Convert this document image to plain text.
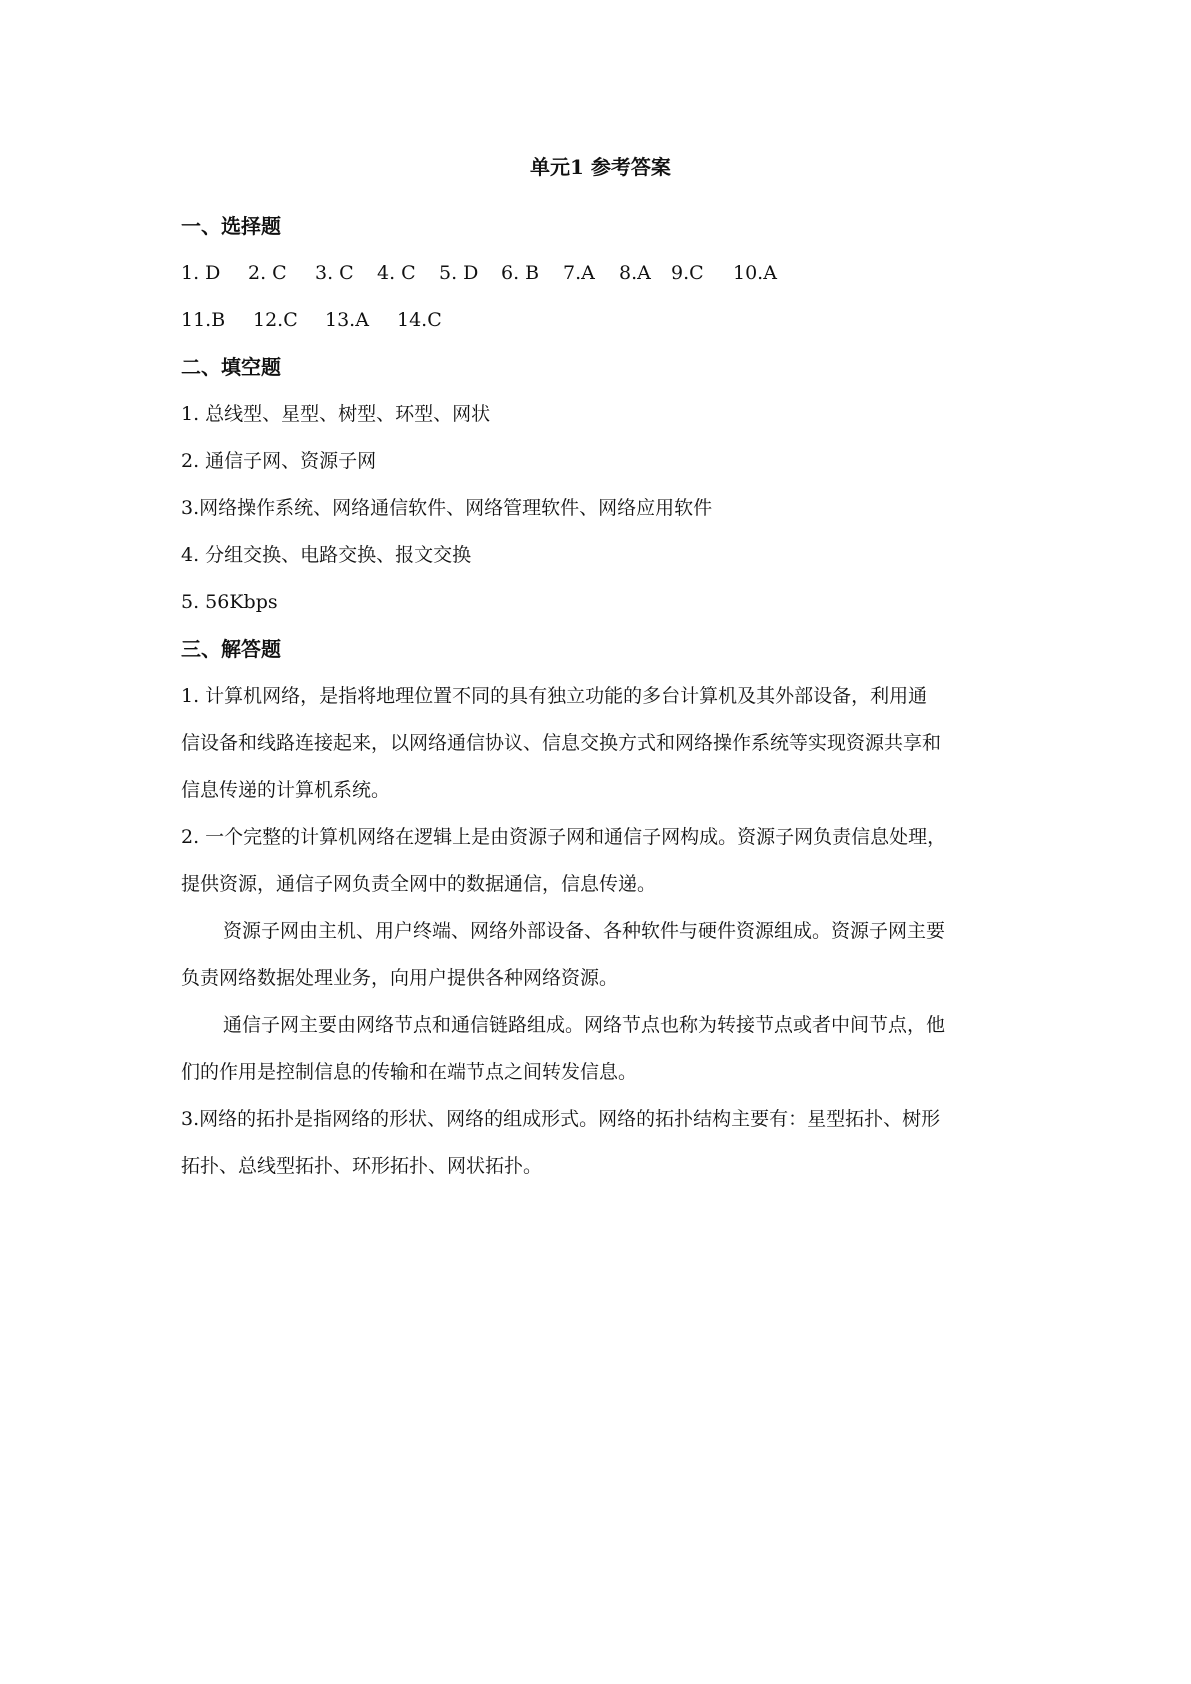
单元1 参考答案
一、选择题
1. D	2. C	3. C	4. C	5. D	6. B	7.A	8.A	9.C	10.A
11.B	12.C	13.A	14.C
二、填空题
1. 总线型、星型、树型、环型、网状
2. 通信子网、资源子网
3.网络操作系统、网络通信软件、网络管理软件、网络应用软件
4. 分组交换、电路交换、报文交换
5. 56Kbps
三、解答题
1. 计算机网络，是指将地理位置不同的具有独立功能的多台计算机及其外部设备，利用通
信设备和线路连接起来，以网络通信协议、信息交换方式和网络操作系统等实现资源共享和
信息传递的计算机系统。
2. 一个完整的计算机网络在逻辑上是由资源子网和通信子网构成。资源子网负责信息处理，
提供资源，通信子网负责全网中的数据通信，信息传递。
资源子网由主机、用户终端、网络外部设备、各种软件与硬件资源组成。资源子网主要
负责网络数据处理业务，向用户提供各种网络资源。
通信子网主要由网络节点和通信链路组成。网络节点也称为转接节点或者中间节点，他
们的作用是控制信息的传输和在端节点之间转发信息。
3.网络的拓扑是指网络的形状、网络的组成形式。网络的拓扑结构主要有：星型拓扑、树形
拓扑、总线型拓扑、环形拓扑、网状拓扑。
